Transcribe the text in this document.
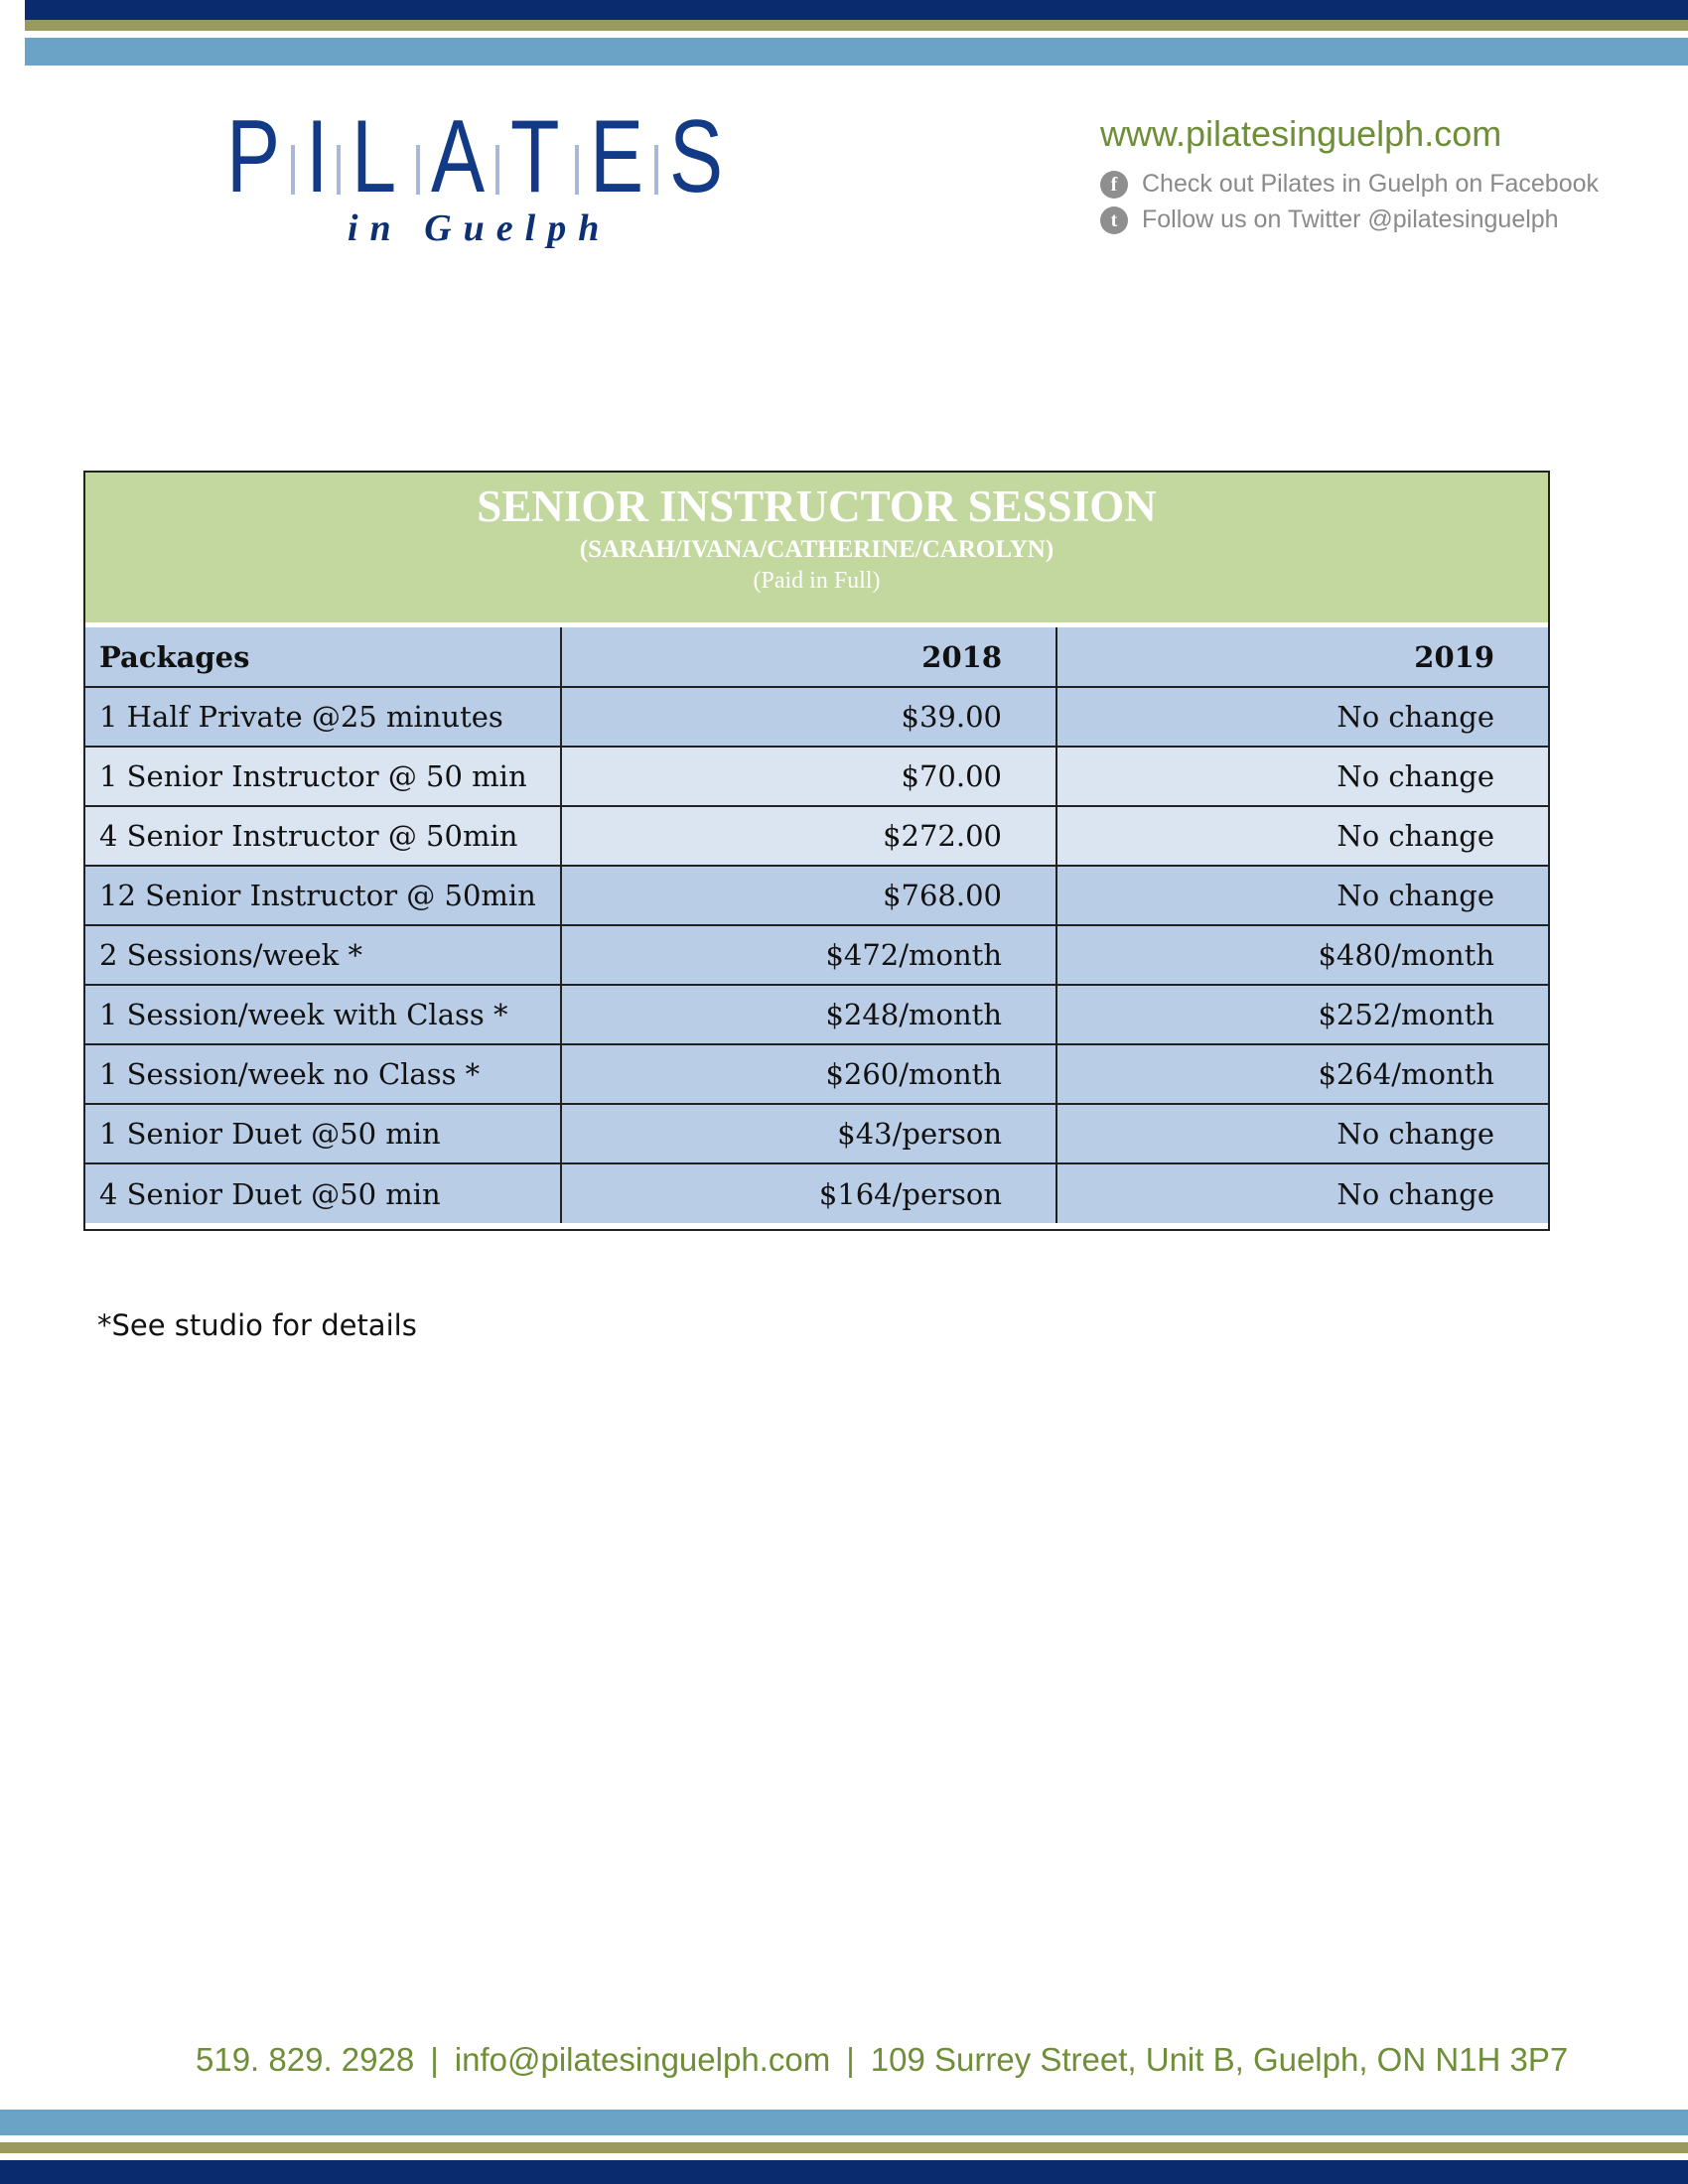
P I L A T E S
in Guelph
www.pilatesinguelph.com
f Check out Pilates in Guelph on Facebook
t Follow us on Twitter @pilatesinguelph
SENIOR INSTRUCTOR SESSION
(SARAH/IVANA/CATHERINE/CAROLYN)
(Paid in Full)
Packages	2018	2019
1 Half Private @25 minutes	$39.00	No change
1 Senior Instructor @ 50 min	$70.00	No change
4 Senior Instructor @ 50min	$272.00	No change
12 Senior Instructor @ 50min	$768.00	No change
2 Sessions/week *	$472/month	$480/month
1 Session/week with Class *	$248/month	$252/month
1 Session/week no Class *	$260/month	$264/month
1 Senior Duet @50 min	$43/person	No change
4 Senior Duet @50 min	$164/person	No change
*See studio for details
519. 829. 2928 | info@pilatesinguelph.com | 109 Surrey Street, Unit B, Guelph, ON N1H 3P7
